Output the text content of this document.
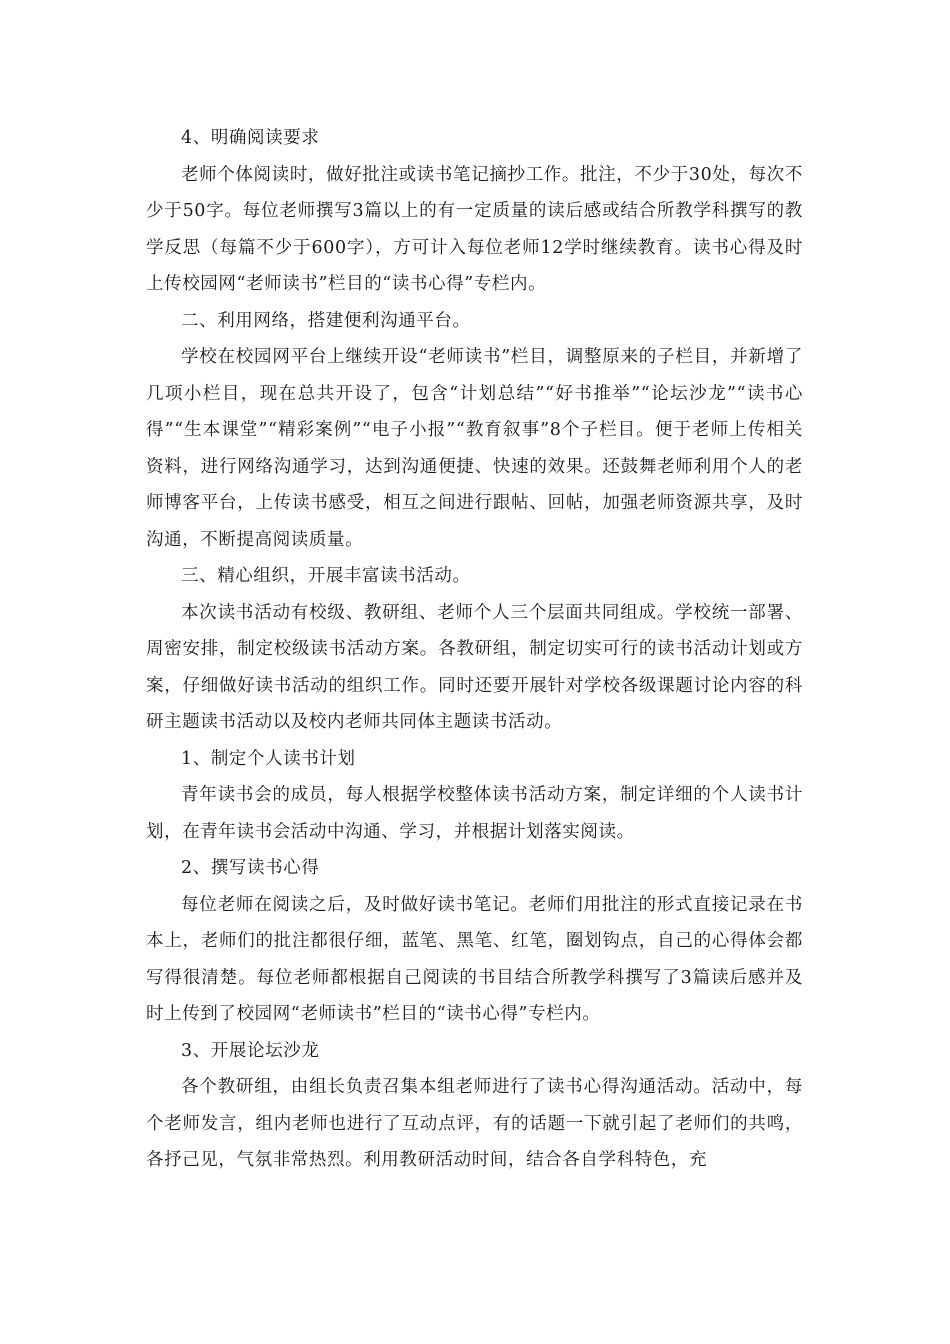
4、明确阅读要求

老师个体阅读时，做好批注或读书笔记摘抄工作。批注，不少于30处，每次不少于50字。每位老师撰写3篇以上的有一定质量的读后感或结合所教学科撰写的教学反思（每篇不少于600字），方可计入每位老师12学时继续教育。读书心得及时上传校园网“老师读书”栏目的“读书心得”专栏内。

二、利用网络，搭建便利沟通平台。

学校在校园网平台上继续开设“老师读书”栏目，调整原来的子栏目，并新增了几项小栏目，现在总共开设了，包含“计划总结”“好书推举”“论坛沙龙”“读书心得”“生本课堂”“精彩案例”“电子小报”“教育叙事”8个子栏目。便于老师上传相关资料，进行网络沟通学习，达到沟通便捷、快速的效果。还鼓舞老师利用个人的老师博客平台，上传读书感受，相互之间进行跟帖、回帖，加强老师资源共享，及时沟通，不断提高阅读质量。

三、精心组织，开展丰富读书活动。

本次读书活动有校级、教研组、老师个人三个层面共同组成。学校统一部署、周密安排，制定校级读书活动方案。各教研组，制定切实可行的读书活动计划或方案，仔细做好读书活动的组织工作。同时还要开展针对学校各级课题讨论内容的科研主题读书活动以及校内老师共同体主题读书活动。

1、制定个人读书计划

青年读书会的成员，每人根据学校整体读书活动方案，制定详细的个人读书计划，在青年读书会活动中沟通、学习，并根据计划落实阅读。

2、撰写读书心得

每位老师在阅读之后，及时做好读书笔记。老师们用批注的形式直接记录在书本上，老师们的批注都很仔细，蓝笔、黑笔、红笔，圈划钩点，自己的心得体会都写得很清楚。每位老师都根据自己阅读的书目结合所教学科撰写了3篇读后感并及时上传到了校园网“老师读书”栏目的“读书心得”专栏内。

3、开展论坛沙龙

各个教研组，由组长负责召集本组老师进行了读书心得沟通活动。活动中，每个老师发言，组内老师也进行了互动点评，有的话题一下就引起了老师们的共鸣，各抒己见，气氛非常热烈。利用教研活动时间，结合各自学科特色，充
